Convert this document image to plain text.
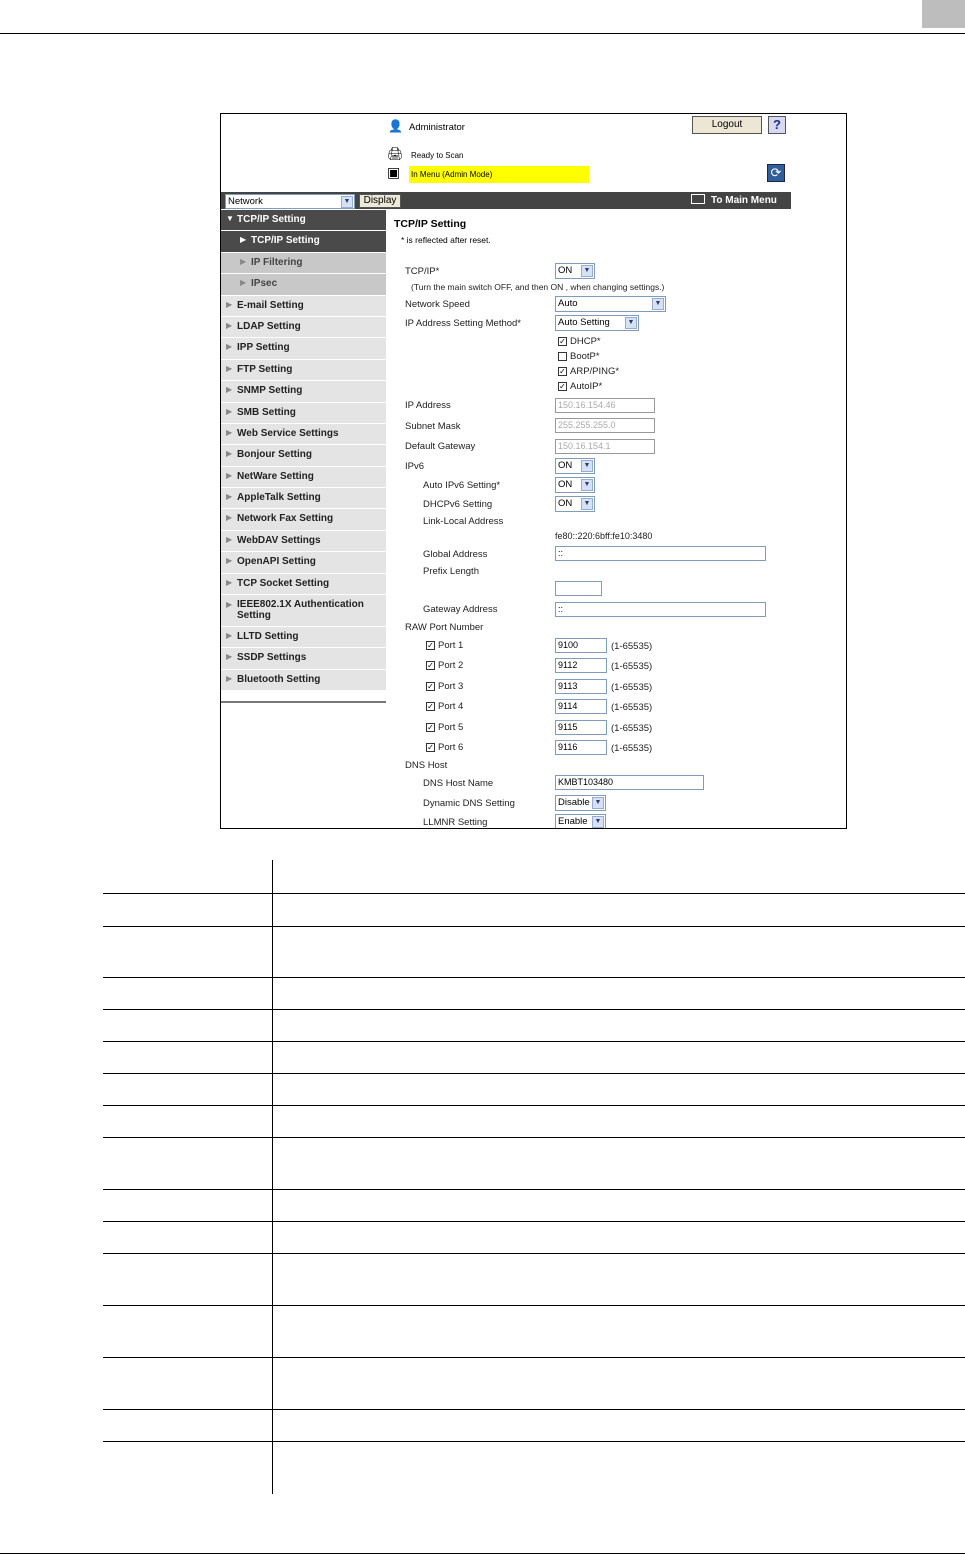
👤 Administrator	Logout	?
🖨 Ready to Scan
▣ In Menu (Admin Mode)	⟳
Network	▼	Display	To Main Menu
▼ TCP/IP Setting
▶ TCP/IP Setting
▶ IP Filtering
▶ IPsec
▶ E-mail Setting
▶ LDAP Setting
▶ IPP Setting
▶ FTP Setting
▶ SNMP Setting
▶ SMB Setting
▶ Web Service Settings
▶ Bonjour Setting
▶ NetWare Setting
▶ AppleTalk Setting
▶ Network Fax Setting
▶ WebDAV Settings
▶ OpenAPI Setting
▶ TCP Socket Setting
▶ IEEE802.1X Authentication Setting
▶ LLTD Setting
▶ SSDP Settings
▶ Bluetooth Setting
TCP/IP Setting
* is reflected after reset.
TCP/IP*	ON	▼
(Turn the main switch OFF, and then ON , when changing settings.)
Network Speed	Auto	▼
IP Address Setting Method*	Auto Setting	▼
✓ DHCP*
BootP*
✓ ARP/PING*
✓ AutoIP*
IP Address	150.16.154.46
Subnet Mask	255.255.255.0
Default Gateway	150.16.154.1
IPv6	ON	▼
Auto IPv6 Setting*	ON	▼
DHCPv6 Setting	ON	▼
Link-Local Address
fe80::220:6bff:fe10:3480
Global Address	::
Prefix Length
Gateway Address	::
RAW Port Number
✓ Port 1	9100	(1-65535)
✓ Port 2	9112	(1-65535)
✓ Port 3	9113	(1-65535)
✓ Port 4	9114	(1-65535)
✓ Port 5	9115	(1-65535)
✓ Port 6	9116	(1-65535)
DNS Host
DNS Host Name	KMBT103480
Dynamic DNS Setting	Disable ▼
LLMNR Setting	Enable ▼
